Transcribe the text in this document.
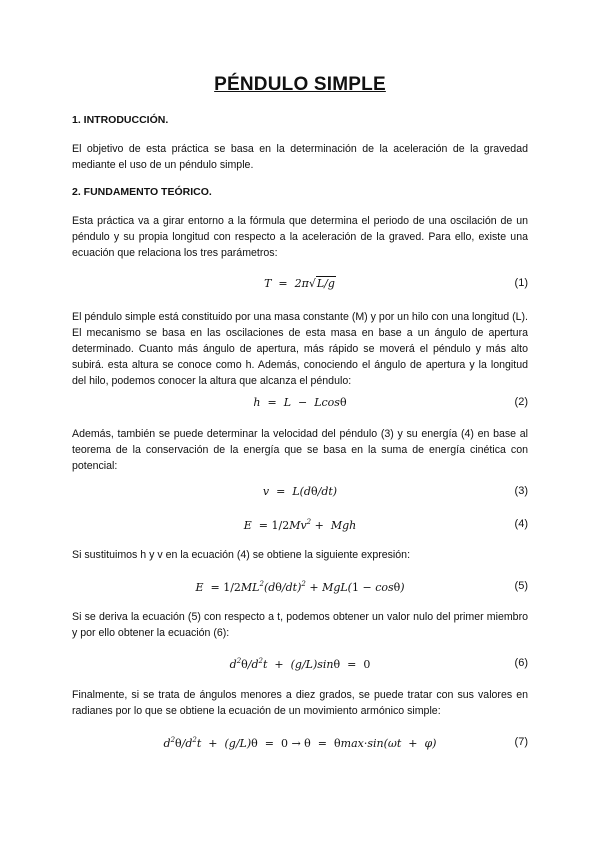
PÉNDULO SIMPLE
1. INTRODUCCIÓN.

El objetivo de esta práctica se basa en la determinación de la aceleración de la gravedad mediante el uso de un péndulo simple.

2. FUNDAMENTO TEÓRICO.

Esta práctica va a girar entorno a la fórmula que determina el periodo de una oscilación de un péndulo y su propia longitud con respecto a la aceleración de la graved. Para ello, existe una ecuación que relaciona los tres parámetros:

T  =  2π√L/g	(1)

El péndulo simple está constituido por una masa constante (M) y por un hilo con una longitud (L). El mecanismo se basa en las oscilaciones de esta masa en base a un ángulo de apertura determinado. Cuanto más ángulo de apertura, más rápido se moverá el péndulo y más alto subirá. esta altura se conoce como h. Además, conociendo el ángulo de apertura y la longitud del hilo, podemos conocer la altura que alcanza el péndulo:

h  =  L  −  Lcosθ	(2)

Además, también se puede determinar la velocidad del péndulo (3) y su energía (4) en base al teorema de la conservación de la energía que se basa en la suma de energía cinética con potencial:

v  =  L(dθ/dt)	(3)
$E = 1/2Mv^2$ +  Mgh	(4)

Si sustituimos h y v en la ecuación (4) se obtiene la siguiente expresión:

$E = 1/2ML^2(d\theta/dt)^2 + MgL(1 - \cos\theta)$	(5)

Si se deriva la ecuación (5) con respecto a t, podemos obtener un valor nulo del primer miembro y por ello obtener la ecuación (6):

$d^2\theta/d^2t + (g/L)\sin\theta = 0$	(6)

Finalmente, si se trata de ángulos menores a diez grados, se puede tratar con sus valores en radianes por lo que se obtiene la ecuación de un movimiento armónico simple:

$d^2\theta/d^2t + (g/L)\theta = 0 \to \theta = \theta\max\cdot\sin(\omega t + \varphi)$	(7)
